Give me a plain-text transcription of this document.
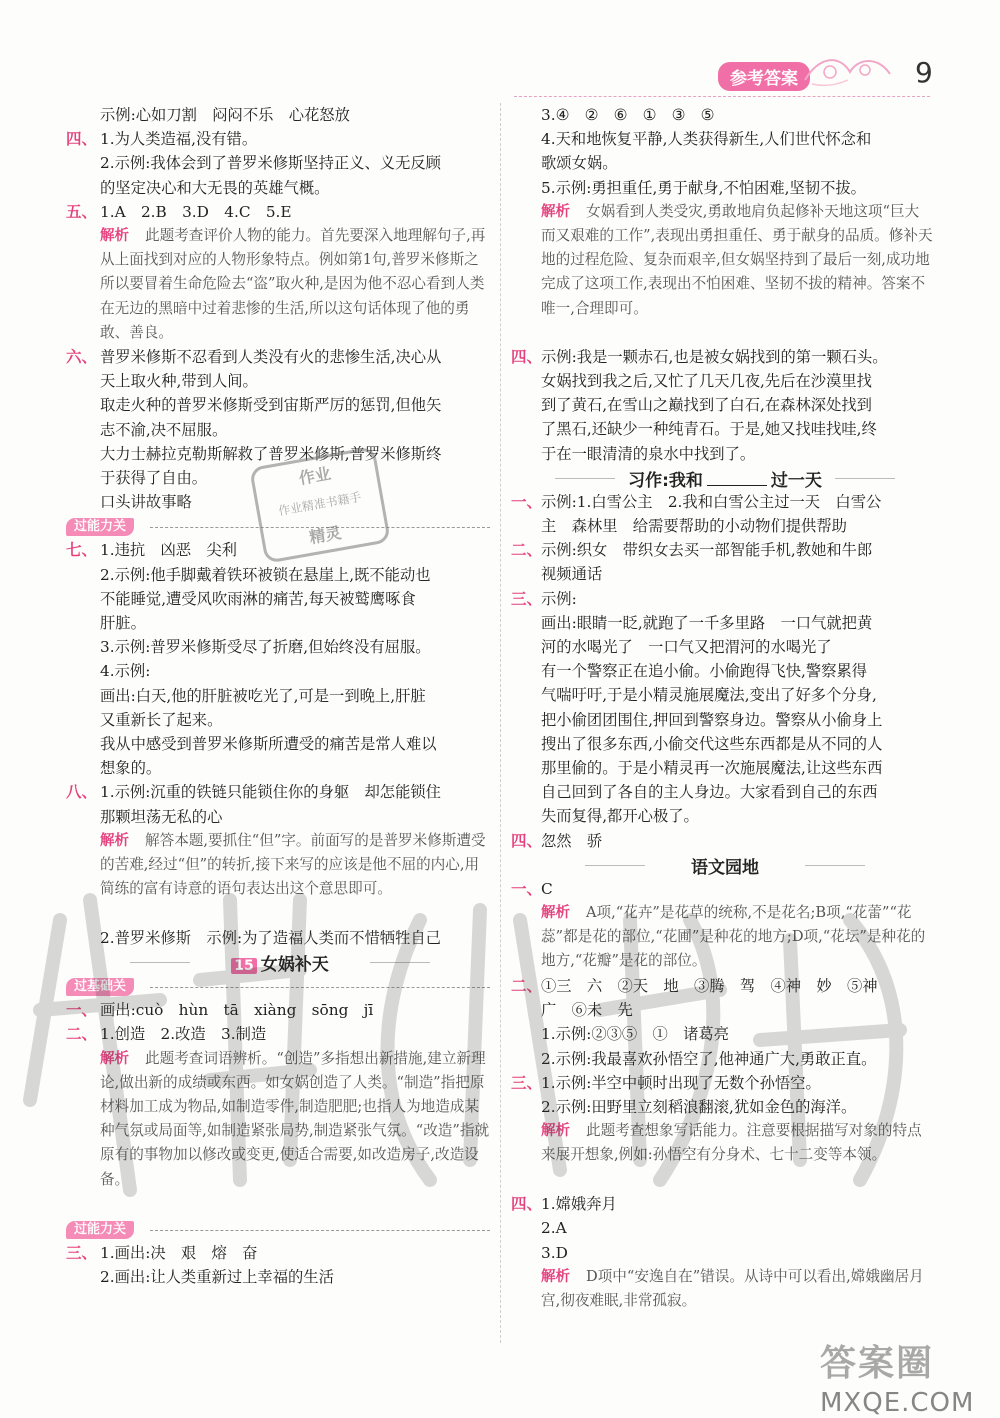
参考答案	9
示例:心如刀割　闷闷不乐　心花怒放
四、 1.为人类造福,没有错。
2.示例:我体会到了普罗米修斯坚持正义、义无反顾
的坚定决心和大无畏的英雄气概。
五、 1.A　2.B　3.D　4.C　5.E
解析 此题考查评价人物的能力。首先要深入地理解句子,再从上面找到对应的人物形象特点。例如第1句,普罗米修斯之所以要冒着生命危险去“盗”取火种,是因为他不忍心看到人类在无边的黑暗中过着悲惨的生活,所以这句话体现了他的勇敢、善良。
六、 普罗米修斯不忍看到人类没有火的悲惨生活,决心从
天上取火种,带到人间。
取走火种的普罗米修斯受到宙斯严厉的惩罚,但他矢
志不渝,决不屈服。
大力士赫拉克勒斯解救了普罗米修斯,普罗米修斯终
于获得了自由。
口头讲故事略
过能力关
七、 1.违抗　凶恶　尖利
2.示例:他手脚戴着铁环被锁在悬崖上,既不能动也
不能睡觉,遭受风吹雨淋的痛苦,每天被鹫鹰啄食
肝脏。
3.示例:普罗米修斯受尽了折磨,但始终没有屈服。
4.示例:
画出:白天,他的肝脏被吃光了,可是一到晚上,肝脏
又重新长了起来。
我从中感受到普罗米修斯所遭受的痛苦是常人难以
想象的。
八、 1.示例:沉重的铁链只能锁住你的身躯　却怎能锁住
那颗坦荡无私的心
解析 解答本题,要抓住“但”字。前面写的是普罗米修斯遭受的苦难,经过“但”的转折,接下来写的应该是他不屈的内心,用简练的富有诗意的语句表达出这个意思即可。
2.普罗米修斯　示例:为了造福人类而不惜牺牲自己
15 女娲补天
过基础关
一、 画出:cuò　hùn　tā　xiàng　sōng　jī
二、 1.创造　2.改造　3.制造
解析 此题考查词语辨析。“创造”多指想出新措施,建立新理论,做出新的成绩或东西。如女娲创造了人类。“制造”指把原材料加工成为物品,如制造零件,制造肥肥;也指人为地造成某种气氛或局面等,如制造紧张局势,制造紧张气氛。“改造”指就原有的事物加以修改或变更,使适合需要,如改造房子,改造设备。
过能力关
三、 1.画出:决　艰　熔　奋
2.画出:让人类重新过上幸福的生活
作业
作业精准书籍手
精灵
3.④　②　⑥　①　③　⑤
4.天和地恢复平静,人类获得新生,人们世代怀念和
歌颂女娲。
5.示例:勇担重任,勇于献身,不怕困难,坚韧不拔。
解析 女娲看到人类受灾,勇敢地肩负起修补天地这项“巨大而又艰难的工作”,表现出勇担重任、勇于献身的品质。修补天地的过程危险、复杂而艰辛,但女娲坚持到了最后一刻,成功地完成了这项工作,表现出不怕困难、坚韧不拔的精神。答案不唯一,合理即可。
四、
示例:我是一颗赤石,也是被女娲找到的第一颗石头。
女娲找到我之后,又忙了几天几夜,先后在沙漠里找
到了黄石,在雪山之巅找到了白石,在森林深处找到
了黑石,还缺少一种纯青石。于是,她又找哇找哇,终
于在一眼清清的泉水中找到了。
习作:我和	过一天
一、
示例:1.白雪公主　2.我和白雪公主过一天　白雪公
主　森林里　给需要帮助的小动物们提供帮助
二、
示例:织女　带织女去买一部智能手机,教她和牛郎
视频通话
三、
示例:
画出:眼睛一眨,就跑了一千多里路　一口气就把黄
河的水喝光了　一口气又把渭河的水喝光了
有一个警察正在追小偷。小偷跑得飞快,警察累得
气喘吁吁,于是小精灵施展魔法,变出了好多个分身,
把小偷团团围住,押回到警察身边。警察从小偷身上
搜出了很多东西,小偷交代这些东西都是从不同的人
那里偷的。于是小精灵再一次施展魔法,让这些东西
自己回到了各自的主人身边。大家看到自己的东西
失而复得,都开心极了。
四、
忽然　骄
语文园地
一、
C
解析 A项,“花卉”是花草的统称,不是花名;B项,“花蕾”“花蕊”都是花的部位,“花圃”是种花的地方;D项,“花坛”是种花的地方,“花瓣”是花的部位。
二、
①三　六　②天　地　③腾　驾　④神　妙　⑤神
广　⑥未　先
1.示例:②③⑤　①　诸葛亮
2.示例:我最喜欢孙悟空了,他神通广大,勇敢正直。
三、
1.示例:半空中顿时出现了无数个孙悟空。
2.示例:田野里立刻稻浪翻滚,犹如金色的海洋。
解析 此题考查想象写话能力。注意要根据描写对象的特点来展开想象,例如:孙悟空有分身术、七十二变等本领。
四、
1.嫦娥奔月
2.A
3.D
解析 D项中“安逸自在”错误。从诗中可以看出,嫦娥幽居月宫,彻夜难眠,非常孤寂。
答案圈
MXQE.COM
